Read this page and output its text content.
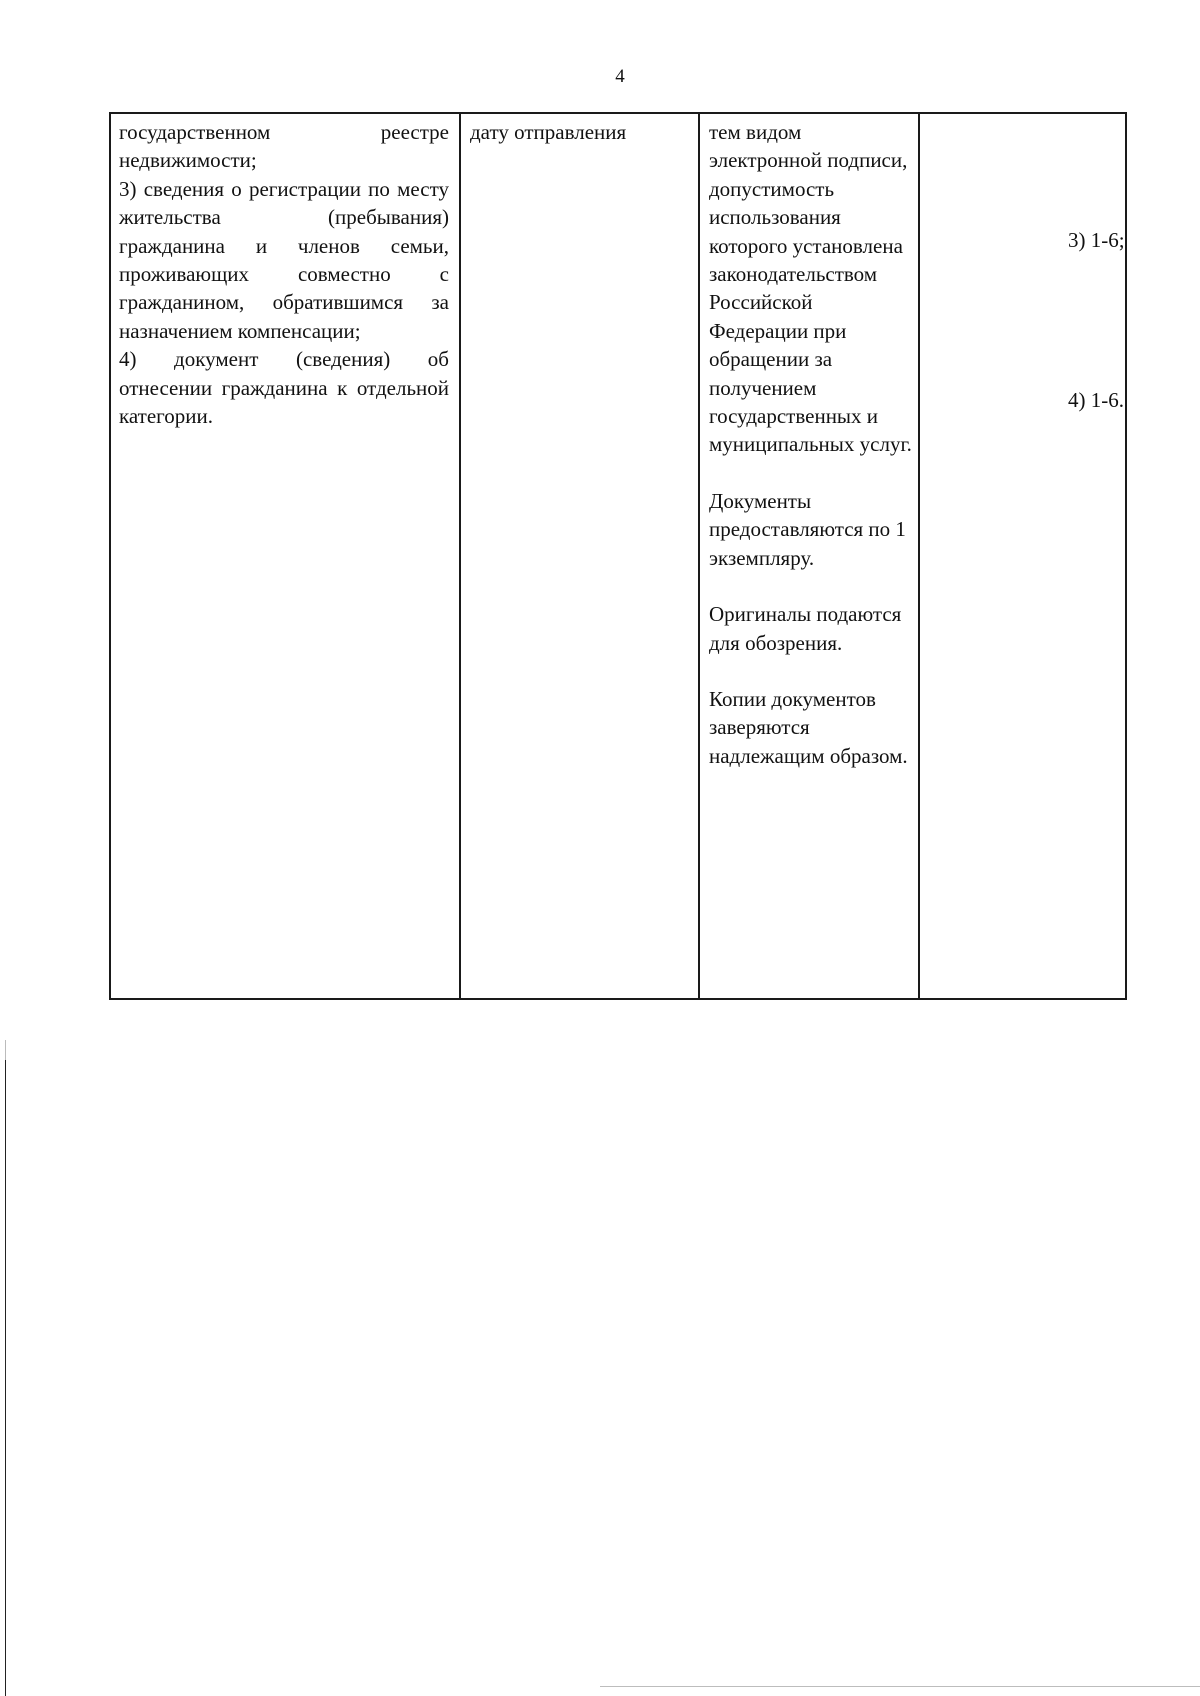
4

государственном реестре недвижимости;

3) сведения о регистрации по месту жительства (пребывания) гражданина и членов семьи, проживающих совместно с гражданином, обратившимся за назначением компенсации;

4) документ (сведения) об отнесении гражданина к отдельной категории.

дату отправления	тем видом электронной подписи, допустимость использования которого установлена законодательством Российской Федерации при обращении за получением государственных и муниципальных услуг.

Документы предоставляются по 1 экземпляру.

Оригиналы подаются для обозрения.

Копии документов заверяются надлежащим образом.

3) 1-6;
4) 1-6.
